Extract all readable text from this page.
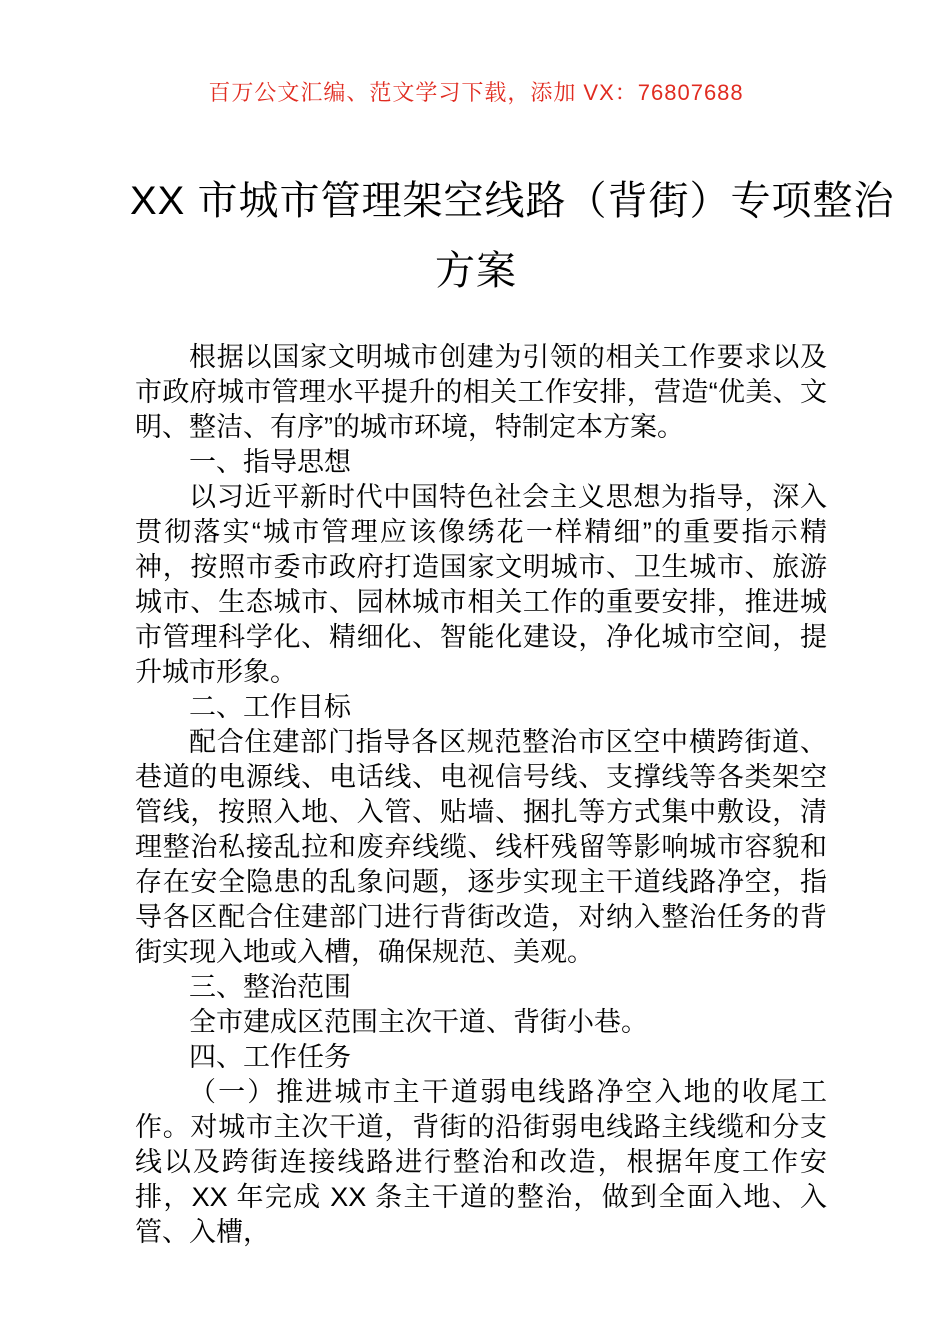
百万公文汇编、范文学习下载，添加 VX：76807688
XX 市城市管理架空线路（背街）专项整治
方案

根据以国家文明城市创建为引领的相关工作要求以及市政府城市管理水平提升的相关工作安排，营造“优美、文明、整洁、有序”的城市环境，特制定本方案。

一、指导思想

以习近平新时代中国特色社会主义思想为指导，深入贯彻落实“城市管理应该像绣花一样精细”的重要指示精神，按照市委市政府打造国家文明城市、卫生城市、旅游城市、生态城市、园林城市相关工作的重要安排，推进城市管理科学化、精细化、智能化建设，净化城市空间，提升城市形象。

二、工作目标

配合住建部门指导各区规范整治市区空中横跨街道、巷道的电源线、电话线、电视信号线、支撑线等各类架空管线，按照入地、入管、贴墙、捆扎等方式集中敷设，清理整治私接乱拉和废弃线缆、线杆残留等影响城市容貌和存在安全隐患的乱象问题，逐步实现主干道线路净空，指导各区配合住建部门进行背街改造，对纳入整治任务的背街实现入地或入槽，确保规范、美观。

三、整治范围

全市建成区范围主次干道、背街小巷。

四、工作任务

（一）推进城市主干道弱电线路净空入地的收尾工作。对城市主次干道，背街的沿街弱电线路主线缆和分支线以及跨街连接线路进行整治和改造，根据年度工作安排，XX 年完成 XX 条主干道的整治，做到全面入地、入管、入槽，
